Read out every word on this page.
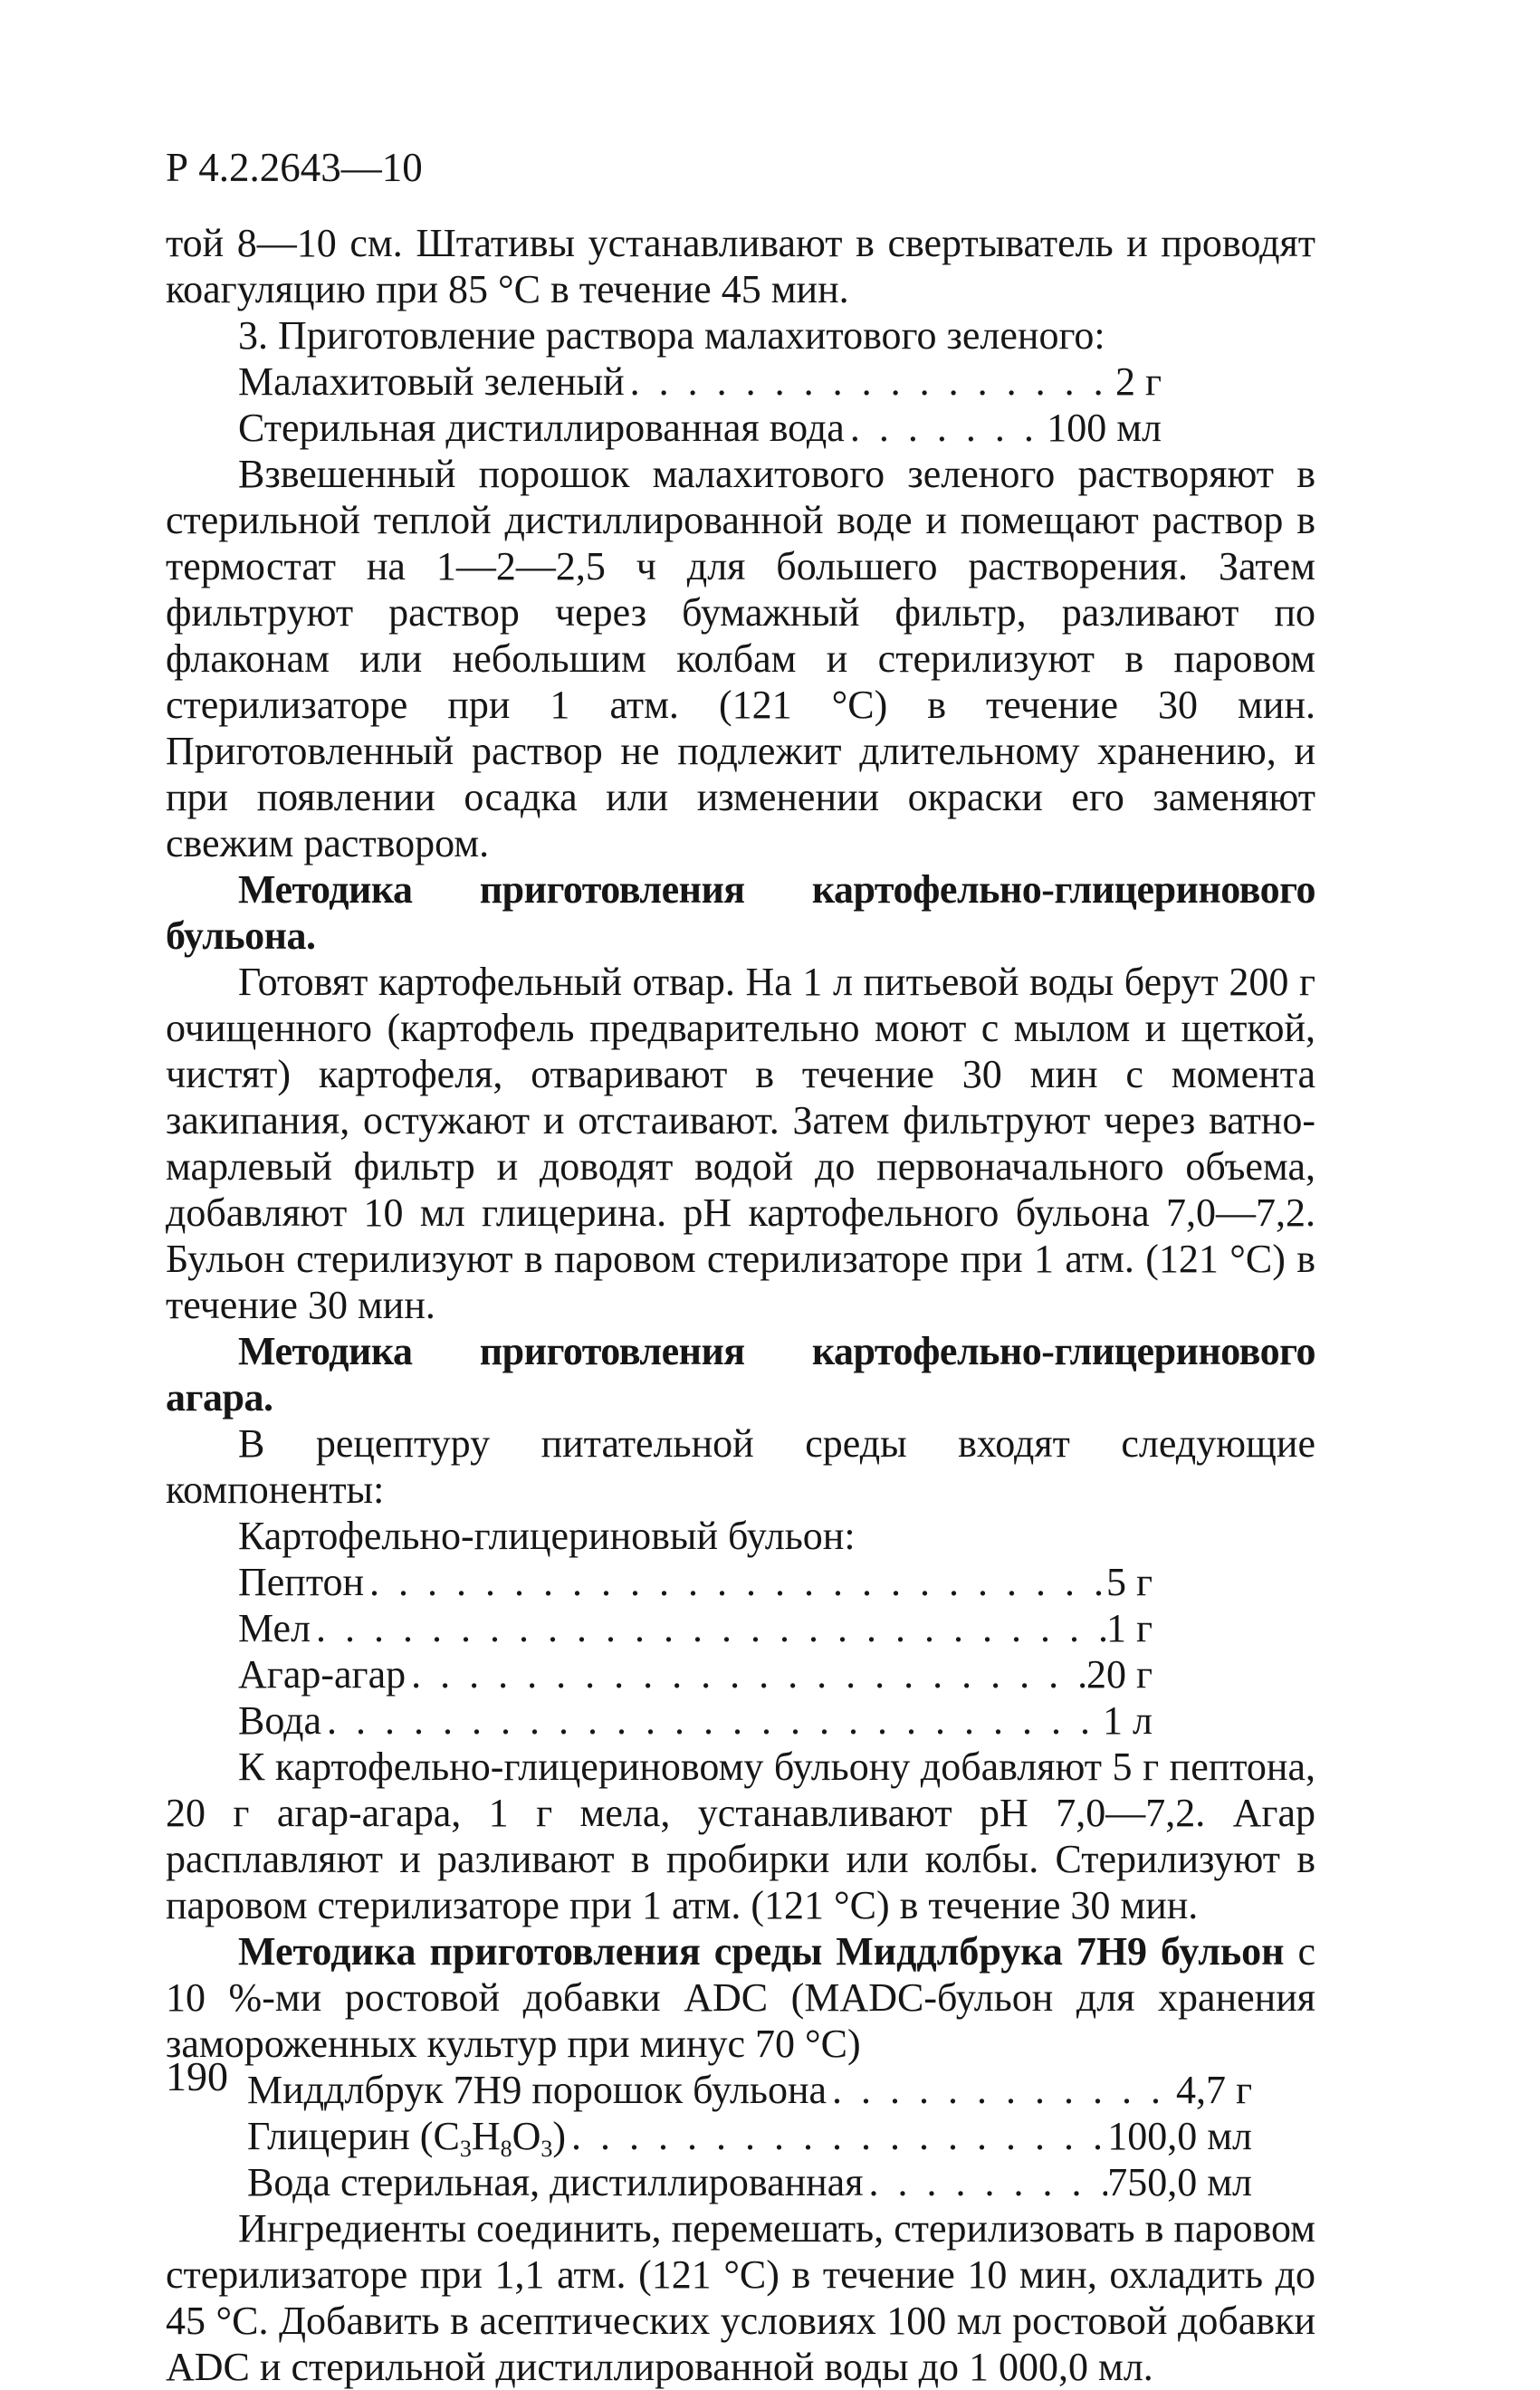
Р 4.2.2643—10

той 8—10 см. Штативы устанавливают в свертыватель и проводят коагуляцию при 85 °С в течение 45 мин.

3. Приготовление раствора малахитового зеленого:

Малахитовый зеленый . . .	2 г
Стерильная дистиллированная вода . . .	100 мл

Взвешенный порошок малахитового зеленого растворяют в стерильной теплой дистиллированной воде и помещают раствор в термостат на 1—2—2,5 ч для большего растворения. Затем фильтруют раствор через бумажный фильтр, разливают по флаконам или небольшим колбам и стерилизуют в паровом стерилизаторе при 1 атм. (121 °С) в течение 30 мин. Приготовленный раствор не подлежит длительному хранению, и при появлении осадка или изменении окраски его заменяют свежим раствором.

Методика приготовления картофельно-глицеринового бульона.

Готовят картофельный отвар. На 1 л питьевой воды берут 200 г очищенного (картофель предварительно моют с мылом и щеткой, чистят) картофеля, отваривают в течение 30 мин с момента закипания, остужают и отстаивают. Затем фильтруют через ватно-марлевый фильтр и доводят водой до первоначального объема, добавляют 10 мл глицерина. pH картофельного бульона 7,0—7,2. Бульон стерилизуют в паровом стерилизаторе при 1 атм. (121 °С) в течение 30 мин.

Методика приготовления картофельно-глицеринового агара.

В рецептуру питательной среды входят следующие компоненты:

Картофельно-глицериновый бульон:

Пептон . . .	5 г
Мел . . .	1 г
Агар-агар . . .	20 г
Вода . . .	1 л

К картофельно-глицериновому бульону добавляют 5 г пептона, 20 г агар-агара, 1 г мела, устанавливают pH 7,0—7,2. Агар расплавляют и разливают в пробирки или колбы. Стерилизуют в паровом стерилизаторе при 1 атм. (121 °С) в течение 30 мин.

Методика приготовления среды Миддлбрука 7Н9 бульон с 10 %-ми ростовой добавки ADC (MADC-бульон для хранения замороженных культур при минус 70 °С)

Миддлбрук 7Н9 порошок бульона . . .	4,7 г
Глицерин $(С_3Н_8О_3)$ . . .	100,0 мл
Вода стерильная, дистиллированная . . .	750,0 мл

Ингредиенты соединить, перемешать, стерилизовать в паровом стерилизаторе при 1,1 атм. (121 °С) в течение 10 мин, охладить до 45 °С. Добавить в асептических условиях 100 мл ростовой добавки ADC и стерильной дистиллированной воды до 1 000,0 мл.

190
